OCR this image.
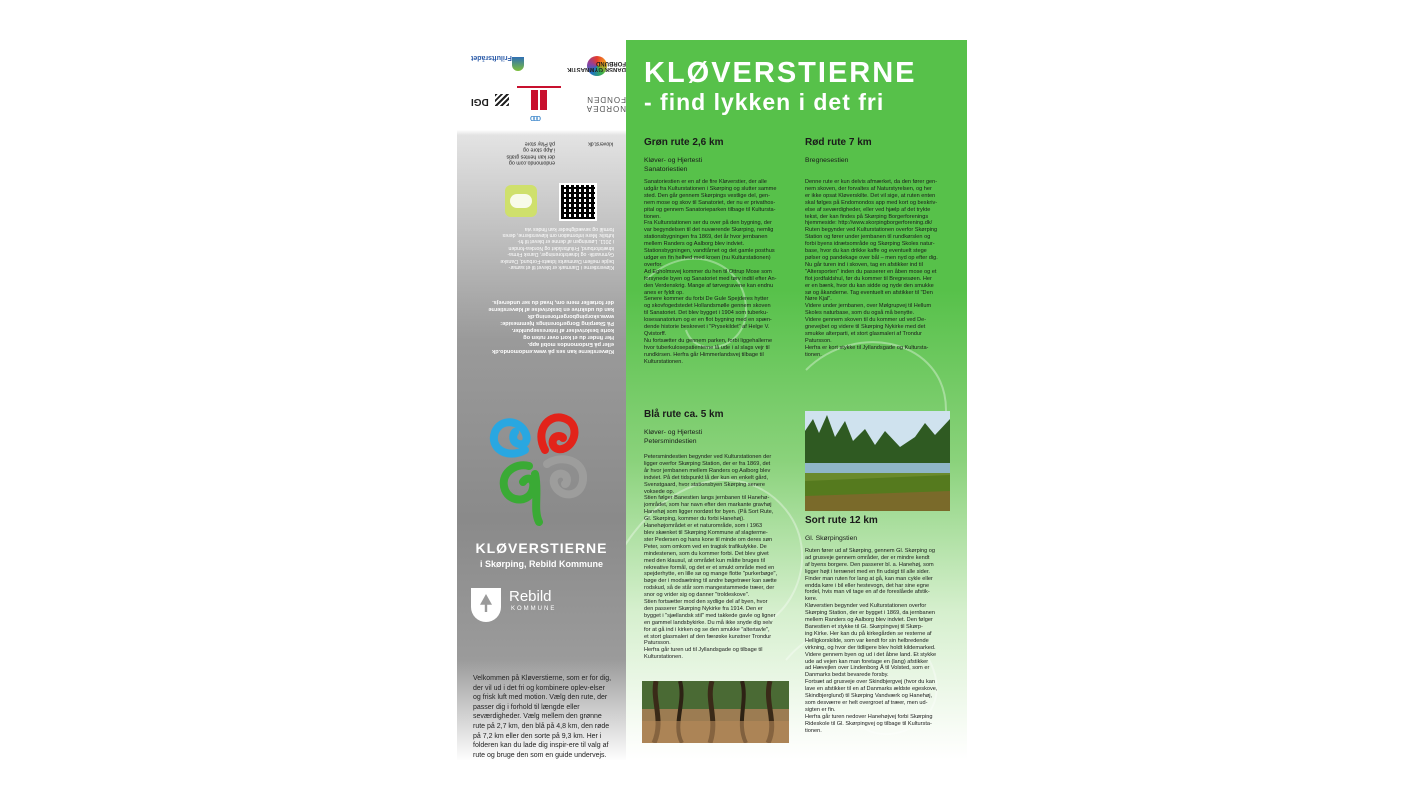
Friluftsrådet
DANSK GYMNASTIK FORBUND
DGI
ooo
NORDEA FONDEN
endomondo.com og
der kan hentes gratis
i App store og
på Play store	kloverst.dk
Kløverstierne i Danmark er blevet til et samar-
bejde mellem Danmarks Idræts-Forbund, Danske
Gymnastik- og Idrætsforeninger, Dansk Firma-
idrætsforbund, Friluftsrådet og Nordea-fonden
i 2011. Løsningen af denne er blevet til fri-
luftsliv. Mere information om kløverstierne, deres
formål og sevædigheder kan findes via
Kløverstierne kan ses på www.endomondo.dk
eller på Endomondos mobil app.
Her finder du et kort over ruten og
korte beskrivelser af interessepunkter.
På Skørping Borgerforenings hjemmeside:
www.skorpingborgerforening.dk
kan du udskrive en beskrivelse af kløverstierne
dér fortæller mere om, hvad du ser undervejs.
KLØVERSTIERNE
i Skørping, Rebild Kommune
Rebild
KOMMUNE
Velkommen på Kløverstierne, som er for dig, der vil ud i det fri og kombinere oplev-elser og frisk luft med motion. Vælg den rute, der passer dig i forhold til længde eller seværdigheder. Vælg mellem den grønne rute på 2,7 km, den blå på 4,8 km, den røde på 7,2 km eller den sorte på 9,3 km. Her i folderen kan du lade dig inspir-ere til valg af rute og bruge den som en guide undervejs.
KLØVERSTIERNE
- find lykken i det fri
Grøn rute 2,6 km
Kløver- og Hjertesti
Sanatoriestien
Sanatoriestien er en af de fire Kløverstier, der alle
udgår fra Kulturstationen i Skørping og slutter samme
sted. Den går gennem Skørpings vestlige del, gen-
nem mose og skov til Sanatoriet, der nu er privathos-
pital og gennem Sanatorieparken tilbage til Kultursta-
tionen.
Fra Kulturstationen ser du over på den bygning, der
var begyndelsen til det nuværende Skørping, nemlig
stationsbygningen fra 1869, det år hvor jernbanen
mellem Randers og Aalborg blev indviet.
Stationsbygningen, vandtårnet og det gamle posthus
udgør en fin helhed med kroen (nu Kulturstationen)
overfor.
Ad Egholmsvej kommer du hen til Ottrup Mose som
forsynede byen og Sanatoriet med tørv indtil efter An-
den Verdenskrig. Mange af tørvegravene kan endnu
anes er fyldt op.
Senere kommer du forbi De Gule Spejderes hytter
og skovfogedstedet Hollandsmølle gennem skoven
til Sanatoriet. Det blev bygget i 1904 som tuberku-
losesanatorium og er en flot bygning med en spæn-
dende historie beskrevet i "Prysekildet" af Helge V.
Qvistorff.
Nu fortsætter du gennem parken, forbi liggehallerne
hvor tuberkulosepatienterne lå ude i al slags vejr til
rundkirsen. Herfra går Himmerlandsvej tilbage til
Kulturstationen.
Rød rute 7 km
Bregnesestien
Denne rute er kun delvis afmærket, da den fører gen-
nem skoven, der forvaltes af Naturstyrelsen, og her
er ikke opsat Kløverskilte. Det vil sige, at ruten enten
skal følges på Endomondos app med kort og beskriv-
else af seværdigheder, eller ved hjælp af det trykte
tekst, der kan findes på Skørping Borgerforenings
hjemmeside: http://www.skorpingborgerforening.dk/
Ruten begynder ved Kulturstationen overfor Skørping
Station og fører under jernbanen til rundkørslen og
forbi byens idrætsområde og Skørping Skoles natur-
base, hvor du kan drikke kaffe og eventuelt stege
pølser og pandekage over bål – men nyd op efter dig.
Nu går turen ind i skoven, tag en afstikker ind til
"Altersporten" inden du passerer en åben mose og et
flot jordfaldshul, før du kommer til Bregnesøen. Her
er en bænk, hvor du kan sidde og nyde den smukke
sø og åkanderne. Tag eventuelt en afstikker til "Den
Nøre Kjal".
Videre under jernbanen, over Mølgrupvej til Hellum
Skoles naturbase, som du også må benytte.
Videre gennem skoven til du kommer ud ved De-
gnevejbet og videre til Skørping Nykirke med det
smukke alterparti, et stort glasmaleri af Trondur
Patursson.
Herfra er kort stykke til Jyllandsgade og Kultursta-
tionen.
Blå rute ca. 5 km
Kløver- og Hjertesti
Petersmindestien
Petersmindestien begynder ved Kulturstationen der
ligger overfor Skørping Station, der er fra 1869, det
år hvor jernbanen mellem Randers og Aalborg blev
indviet. På det tidspunkt lå der kun en enkelt gård,
Svenstgaard, hvor stationsbyen Skørping senere
voksede op.
Stien følger Banestien langs jernbanen til Hanehø-
jområdet, som har navn efter den markante gravhøj
Hanehøj som ligger nordøst for byen. (På Sort Rute,
Gl. Skørping, kommer du forbi Hanehøj).
Hanehøjområdet er et naturområde, som i 1963
blev skænket til Skørping Kommune af slagterme-
ster Pedersen og hans kone til minde om deres søn
Peter, som omkom ved en tragisk trafikulykke. De
mindestenen, som du kommer forbi. Det blev givet
med den klausul, at området kun måtte bruges til
rekreative formål, og det er et smukt område med en
spejderhytte, en lille sø og mange flotte "purkerbøge",
bøge der i modsætning til andre bøgetræer kan sætte
rodskud, så de står som mangestammede træer, der
snor og vrider sig og danner "troldeskove".
Stien fortsætter mod den sydlige del af byen, hvor
den passerer Skørping Nykirke fra 1914. Den er
bygget i "sjællandsk stil" med takkede gavle og ligner
en gammel landsbykirke. Du må ikke snyde dig selv
for at gå ind i kirken og se den smukke "altertavle",
et stort glasmaleri af den færøske kunstner Trondur
Patursson.
Herfra går turen ud til Jyllandsgade og tilbage til
Kulturstationen.
Sort rute 12 km
Gl. Skørpingstien
Ruten fører ud af Skørping, gennem Gl. Skørping og
ad grusveje gennem områder, der er mindre kendt
af byens borgere. Den passerer bl. a. Hanehøj, som
ligger højt i terrænet med en fin udsigt til alle sider.
Finder man ruten for lang at gå, kan man cykle eller
endda køre i bil eller hestevogn, det har sine egne
fordel, hvis man vil tage en af de foreslåede afstik-
kere.
Kløverstien begynder ved Kulturstationen overfor
Skørping Station, der er bygget i 1869, da jernbanen
mellem Randers og Aalborg blev indviet. Den følger
Banestien et stykke til Gl. Skørpingvej til Skørp-
ing Kirke. Her kan du på kirkegården se resterne af
Helligkorskilde, som var kendt for sin helbredende
virkning, og hvor der tidligere blev holdt kildemarked.
Videre gennem byen og ud i det åbne land. Et stykke
ude ad vejen kan man foretage en (lang) afstikker
ad Hævejlen over Lindenborg Å til Volsted, som er
Danmarks bedst bevarede forsby.
Fortsæt ad grusveje over Skindbjergvej (hvor du kan
lave en afstikker til en af Danmarks ældste egeskove,
Skindbjerglund) til Skørping Vandværk og Hanehøj,
som desværre er helt overgroet af træer, men ud-
sigten er fin.
Herfra går turen nedover Hanehøjvej forbi Skørping
Rideskole til Gl. Skørpingvej og tilbage til Kultursta-
tionen.
